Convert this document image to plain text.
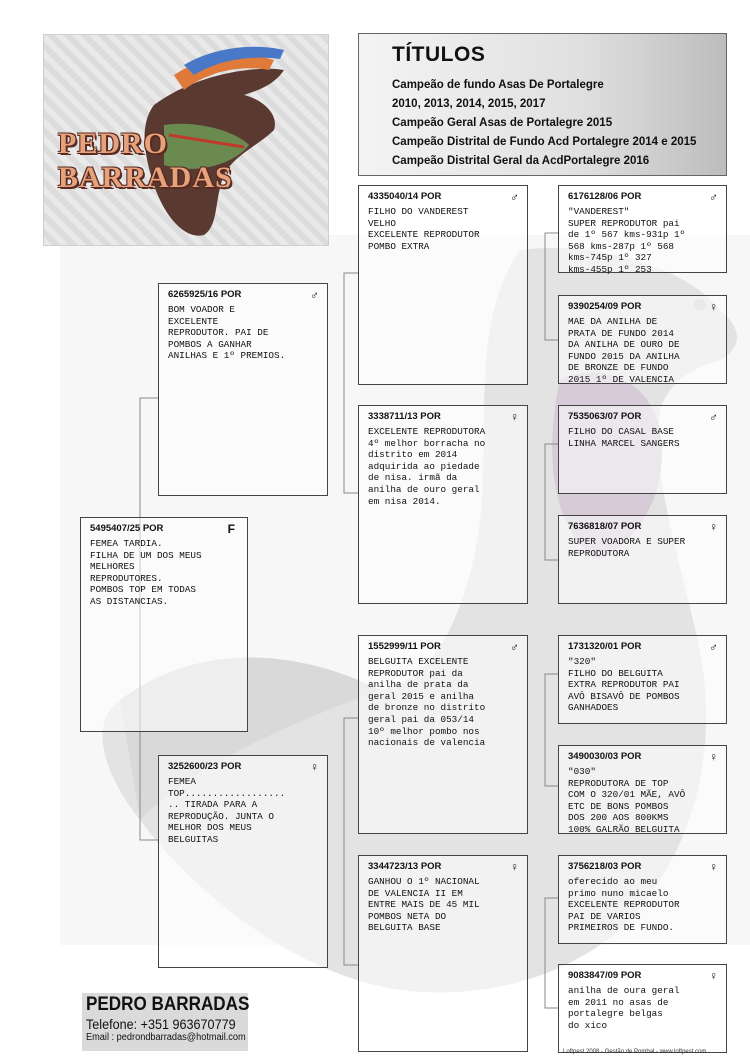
PEDRO
BARRADAS
TÍTULOS
Campeão de fundo Asas De Portalegre
2010, 2013, 2014, 2015, 2017
Campeão Geral Asas de Portalegre 2015
Campeão Distrital de Fundo Acd Portalegre 2014 e 2015
Campeão Distrital Geral da AcdPortalegre 2016
5495407/25 POR	F
FEMEA TARDIA.
FILHA DE UM DOS MEUS
MELHORES
REPRODUTORES.
POMBOS TOP EM TODAS
AS DISTANCIAS.
6265925/16 POR	♂
BOM VOADOR E
EXCELENTE
REPRODUTOR. PAI DE
POMBOS A GANHAR
ANILHAS E 1º PREMIOS.
3252600/23 POR	♀
FEMEA
TOP..................
.. TIRADA PARA A
REPRODUÇÃO. JUNTA O
MELHOR DOS MEUS
BELGUITAS
4335040/14 POR	♂
FILHO DO VANDEREST
VELHO
EXCELENTE REPRODUTOR
POMBO EXTRA
3338711/13 POR	♀
EXCELENTE REPRODUTORA
4º melhor borracha no
distrito em 2014
adquirida ao piedade
de nisa. irmã da
anilha de ouro geral
em nisa 2014.
1552999/11 POR	♂
BELGUITA EXCELENTE
REPRODUTOR pai da
anilha de prata da
geral 2015 e anilha
de bronze no distrito
geral pai da 053/14
10º melhor pombo nos
nacionais de valencia
3344723/13 POR	♀
GANHOU O 1º NACIONAL
DE VALENCIA II EM
ENTRE MAIS DE 45 MIL
POMBOS NETA DO
BELGUITA BASE
6176128/06 POR	♂
"VANDEREST"
SUPER REPRODUTOR pai
de 1º 567 kms-931p 1º
568 kms-287p 1º 568
kms-745p 1º 327
kms-455p 1º 253
9390254/09 POR	♀
MAE DA ANILHA DE
PRATA DE FUNDO 2014
DA ANILHA DE OURO DE
FUNDO 2015 DA ANILHA
DE BRONZE DE FUNDO
2015 1º DE VALENCIA
7535063/07 POR	♂
FILHO DO CASAL BASE
LINHA MARCEL SANGERS
7636818/07 POR	♀
SUPER VOADORA E SUPER
REPRODUTORA
1731320/01 POR	♂
"320"
FILHO DO BELGUITA
EXTRA REPRODUTOR PAI
AVÔ BISAVÔ DE POMBOS
GANHADOES
3490030/03 POR	♀
"030"
REPRODUTORA DE TOP
COM O 320/01 MÃE, AVÔ
ETC DE BONS POMBOS
DOS 200 AOS 800KMS
100% GALRÃO BELGUITA
3756218/03 POR	♀
oferecido ao meu
primo nuno micaelo
EXCELENTE REPRODUTOR
PAI DE VARIOS
PRIMEIROS DE FUNDO.
9083847/09 POR	♀
anilha de oura geral
em 2011 no asas de
portalegre belgas
do xico
PEDRO BARRADAS
Telefone: +351 963670779
Email : pedrondbarradas@hotmail.com
Loftpest 2008 - Gestão de Pombal - www.loftpest.com
